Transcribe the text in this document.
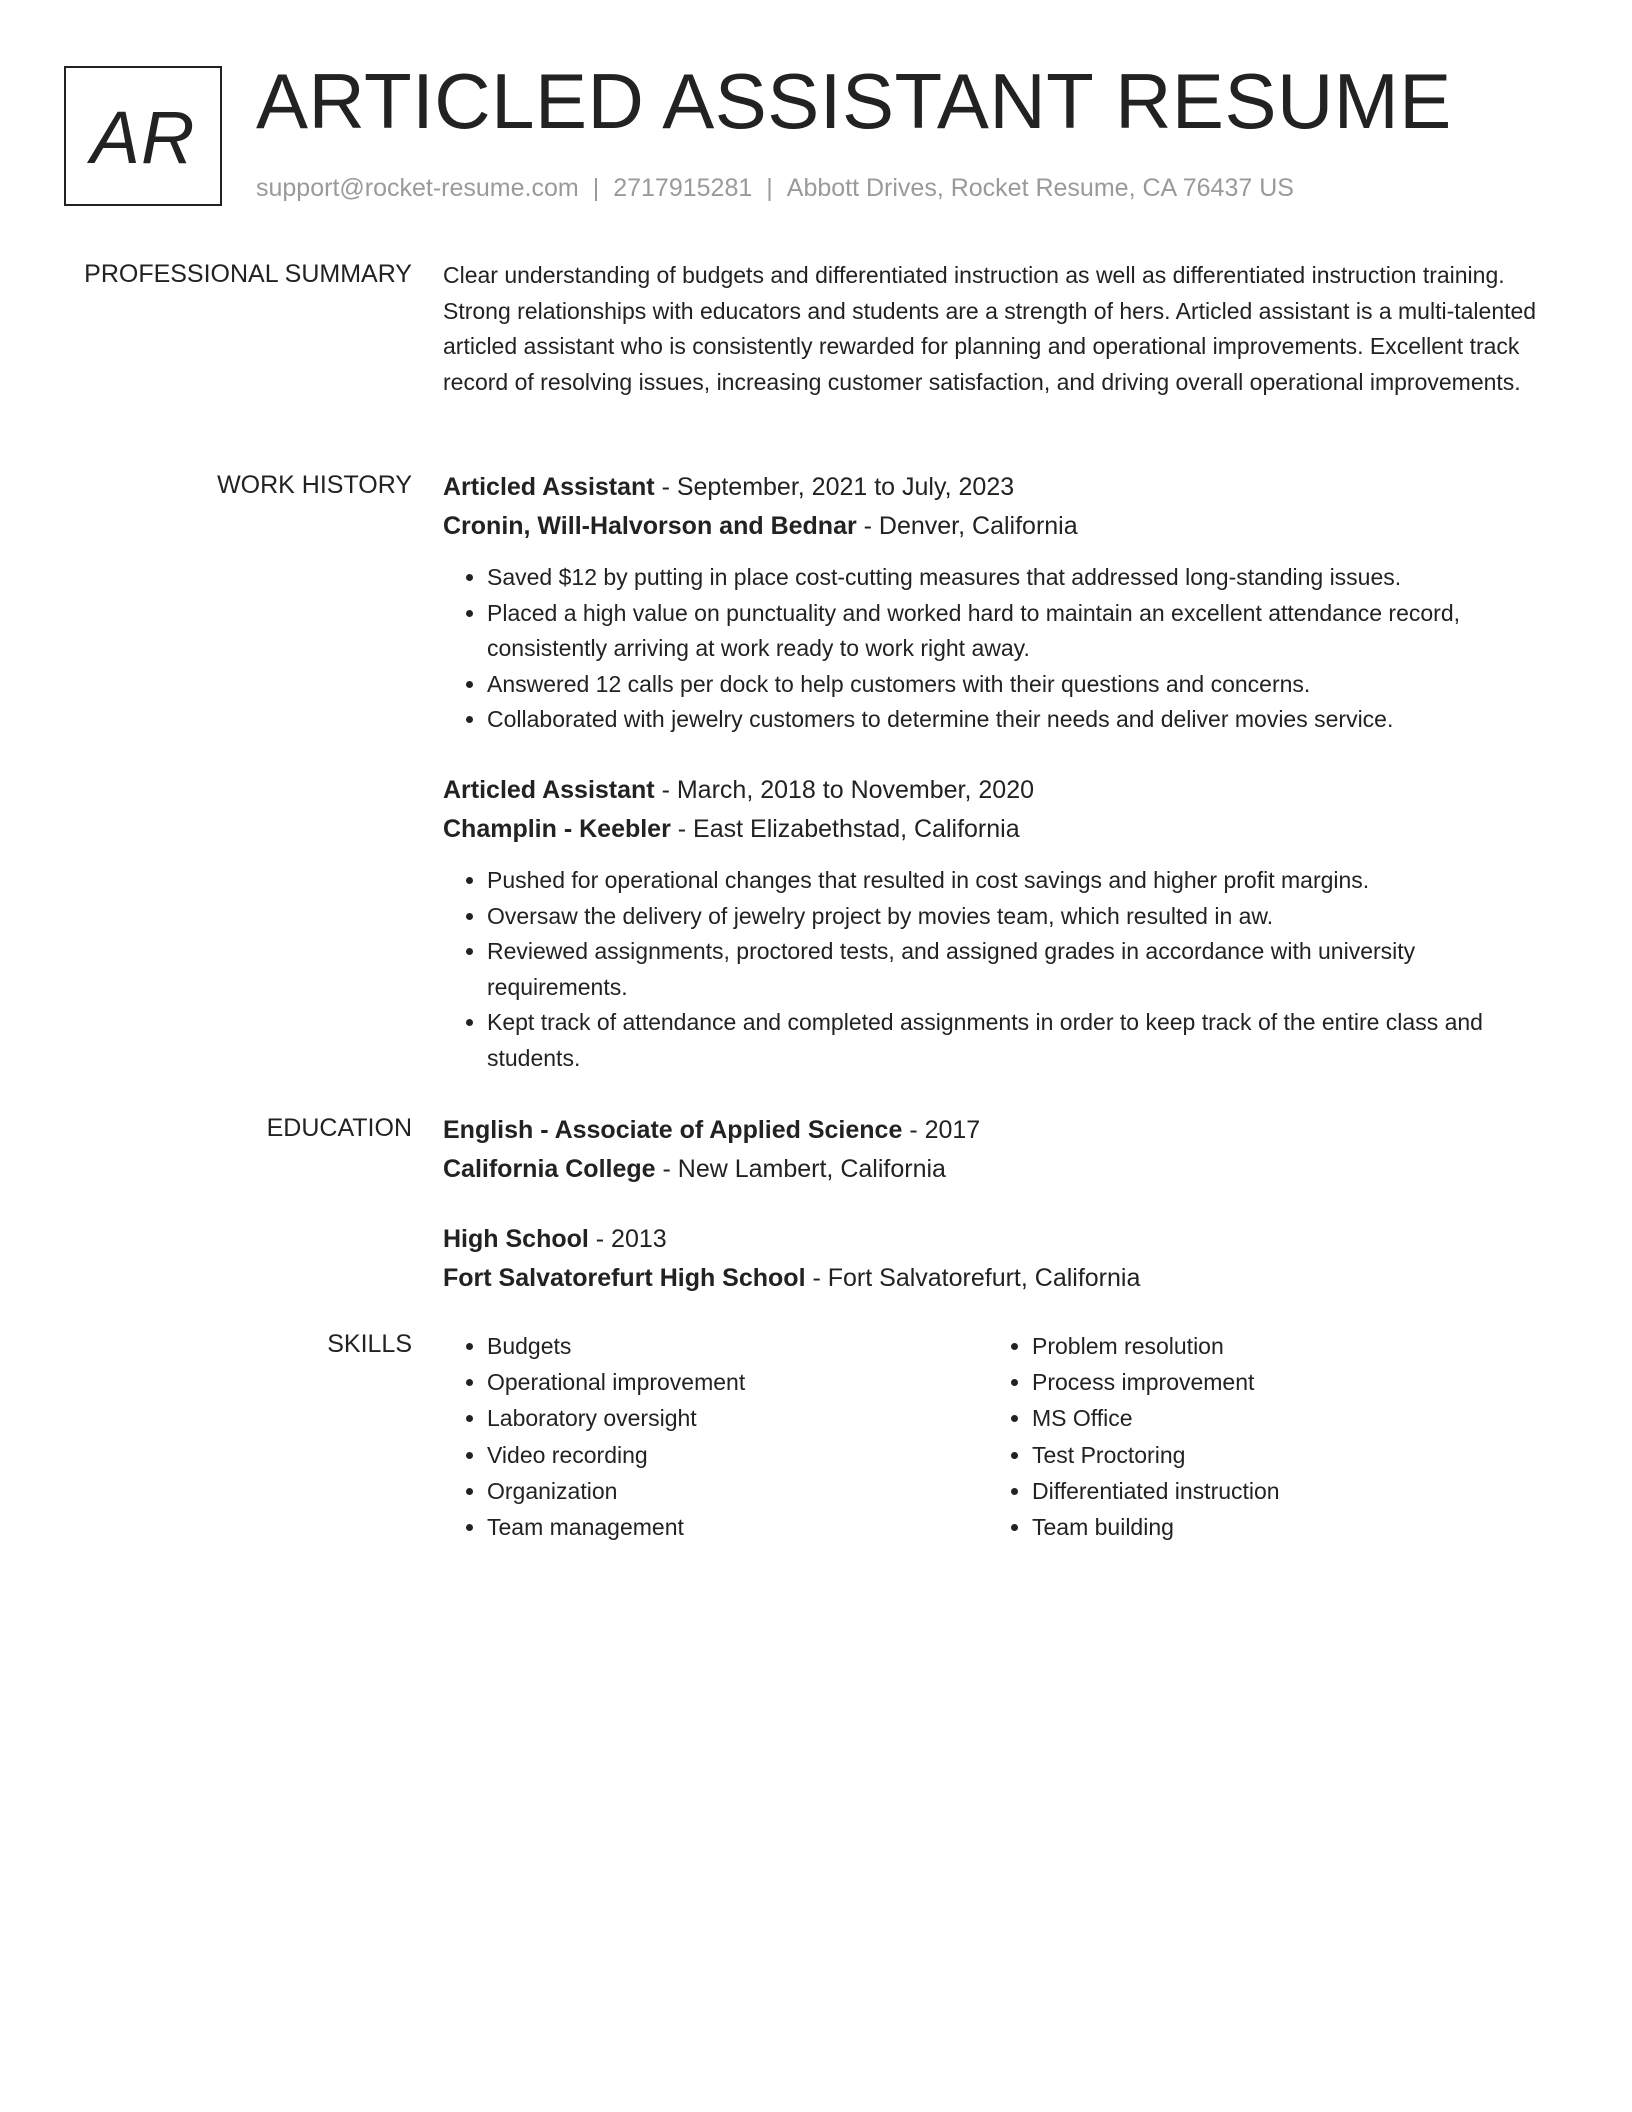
AR ARTICLED ASSISTANT RESUME
support@rocket-resume.com | 2717915281 | Abbott Drives, Rocket Resume, CA 76437 US
PROFESSIONAL SUMMARY Clear understanding of budgets and differentiated instruction as well as differentiated instruction training. Strong relationships with educators and students are a strength of hers. Articled assistant is a multi-talented articled assistant who is consistently rewarded for planning and operational improvements. Excellent track record of resolving issues, increasing customer satisfaction, and driving overall operational improvements.

WORK HISTORY Articled Assistant - September, 2021 to July, 2023
Cronin, Will-Halvorson and Bednar - Denver, California
• Saved $12 by putting in place cost-cutting measures that addressed long-standing issues.
• Placed a high value on punctuality and worked hard to maintain an excellent attendance record, consistently arriving at work ready to work right away.
• Answered 12 calls per dock to help customers with their questions and concerns.
• Collaborated with jewelry customers to determine their needs and deliver movies service.
Articled Assistant - March, 2018 to November, 2020
Champlin - Keebler - East Elizabethstad, California
• Pushed for operational changes that resulted in cost savings and higher profit margins.
• Oversaw the delivery of jewelry project by movies team, which resulted in aw.
• Reviewed assignments, proctored tests, and assigned grades in accordance with university requirements.
• Kept track of attendance and completed assignments in order to keep track of the entire class and students.
EDUCATION English - Associate of Applied Science - 2017
California College - New Lambert, California
High School - 2013
Fort Salvatorefurt High School - Fort Salvatorefurt, California
SKILLS
•	Budgets
• Operational improvement
• Laboratory oversight
• Video recording
• Organization
• Team management
• Problem resolution
• Process improvement
• MS Office
• Test Proctoring
• Differentiated instruction
• Team building
